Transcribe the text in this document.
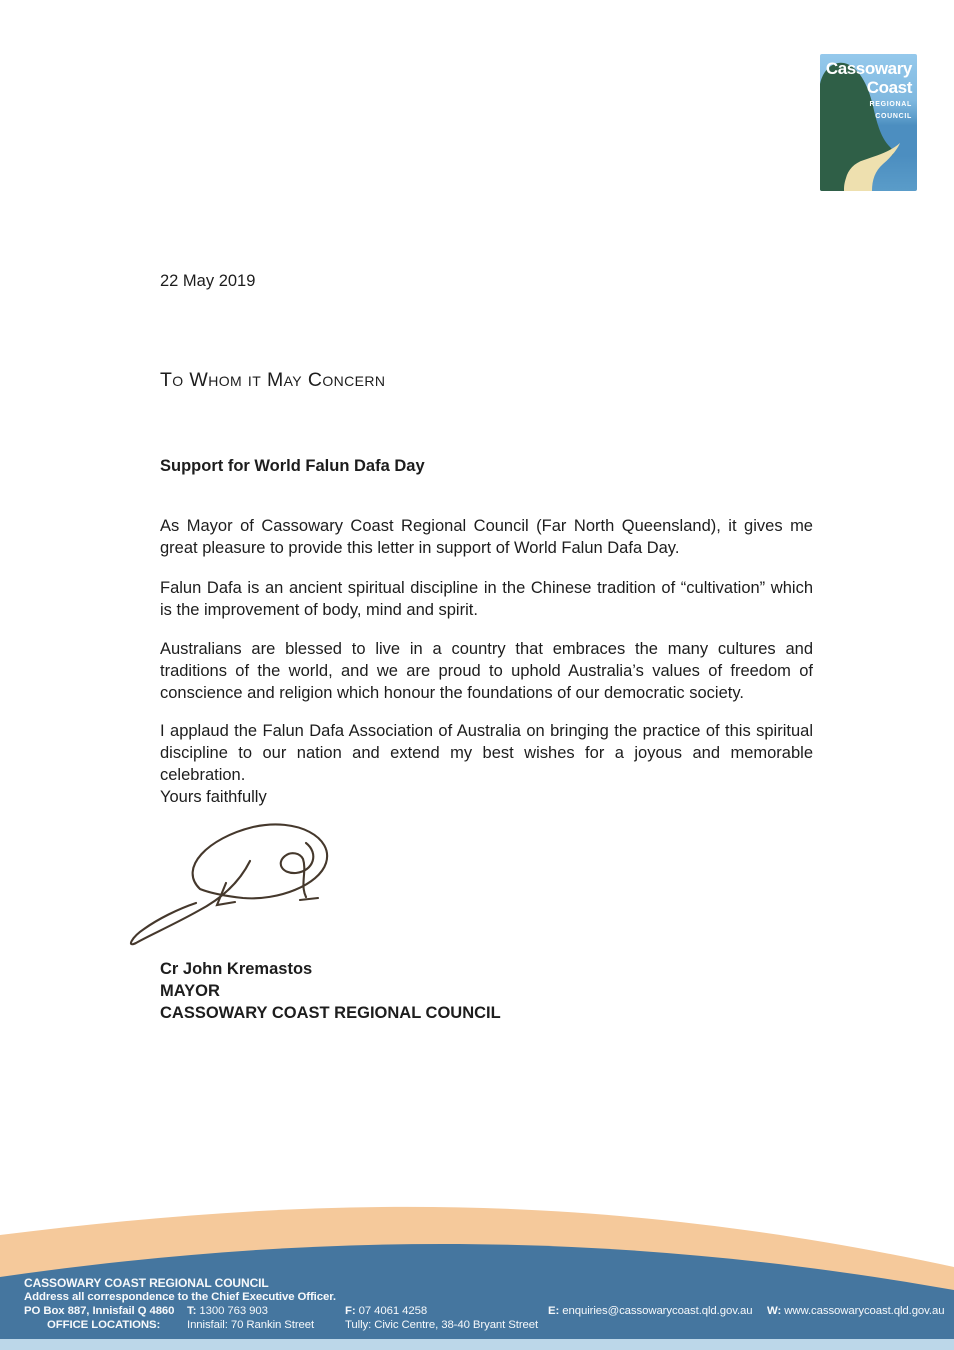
Cassowary
Coast
REGIONAL
COUNCIL
22 May 2019
To Whom it May Concern
Support for World Falun Dafa Day

As Mayor of Cassowary Coast Regional Council (Far North Queensland), it gives me great pleasure to provide this letter in support of World Falun Dafa Day.

Falun Dafa is an ancient spiritual discipline in the Chinese tradition of “cultivation” which is the improvement of body, mind and spirit.

Australians are blessed to live in a country that embraces the many cultures and traditions of the world, and we are proud to uphold Australia’s values of freedom of conscience and religion which honour the foundations of our democratic society.

I applaud the Falun Dafa Association of Australia on bringing the practice of this spiritual discipline to our nation and extend my best wishes for a joyous and memorable celebration.

Yours faithfully
Cr John Kremastos
MAYOR
CASSOWARY COAST REGIONAL COUNCIL
CASSOWARY COAST REGIONAL COUNCIL
Address all correspondence to the Chief Executive Officer.
PO Box 887, Innisfail Q 4860 T: 1300 763 903	F: 07 4061 4258	E: enquiries@cassowarycoast.qld.gov.au W: www.cassowarycoast.qld.gov.au
OFFICE LOCATIONS: Innisfail: 70 Rankin Street	Tully: Civic Centre, 38-40 Bryant Street
